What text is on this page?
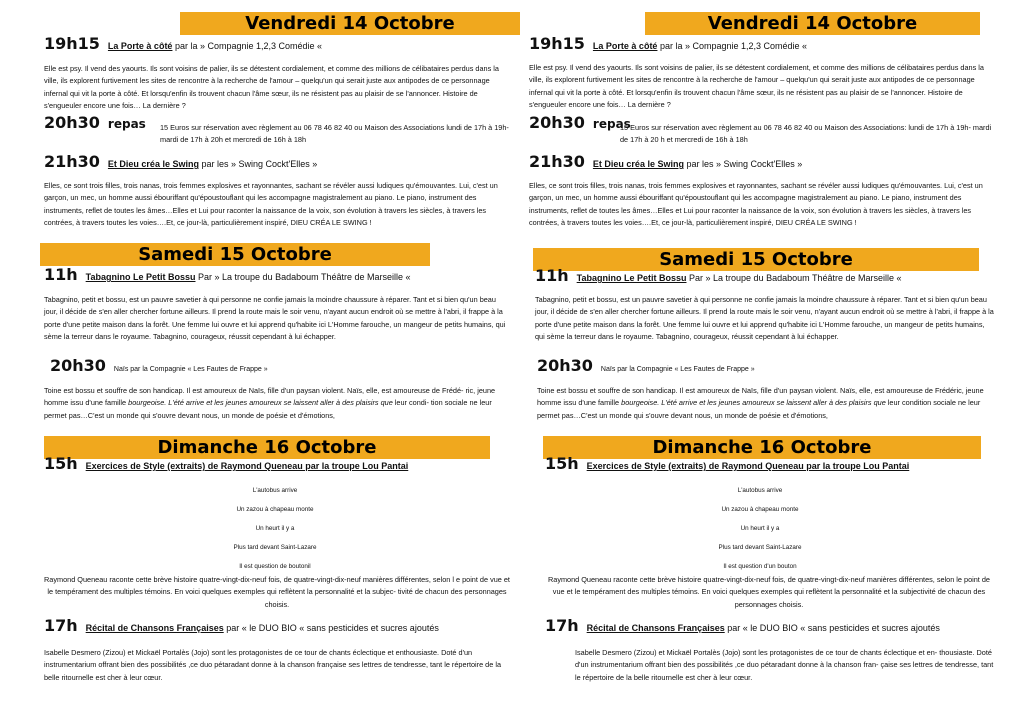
Vendredi 14 Octobre
19h15 La Porte à côté par la » Compagnie 1,2,3 Comédie «
Elle est psy. Il vend des yaourts. Ils sont voisins de palier, ils se détestent cordialement, et comme des millions de célibataires perdus dans la ville, ils explorent furtivement les sites de rencontre à la recherche de l'amour – quelqu'un qui serait juste aux antipodes de ce personnage infernal qui vit la porte à côté. Et lorsqu'enfin ils trouvent chacun l'âme sœur, ils ne résistent pas au plaisir de se l'annoncer. Histoire de s'engueuler encore une fois… La dernière ?
20h30 repas	15 Euros sur réservation avec règlement au 06 78 46 82 40 ou Maison des Associations lundi de 17h à 19h- mardi de 17h à 20h et mercredi de 16h à 18h
21h30 Et Dieu créa le Swing par les » Swing Cockt'Elles »
Elles, ce sont trois filles, trois nanas, trois femmes explosives et rayonnantes, sachant se révéler aussi ludiques qu'émouvantes. Lui, c'est un garçon, un mec, un homme aussi ébouriffant qu'époustouflant qui les accompagne magistralement au piano. Le piano, instrument des instruments, reflet de toutes les âmes…Elles et Lui pour raconter la naissance de la voix, son évolution à travers les siècles, à travers les contrées, à travers toutes les voies….Et, ce jour-là, particulièrement inspiré, DIEU CRÉA LE SWING !
Samedi 15 Octobre
11h Tabagnino Le Petit Bossu Par » La troupe du Badaboum Théâtre de Marseille «
Tabagnino, petit et bossu, est un pauvre savetier à qui personne ne confie jamais la moindre chaussure à réparer. Tant et si bien qu'un beau jour, il décide de s'en aller chercher fortune ailleurs. Il prend la route mais le soir venu, n'ayant aucun endroit où se mettre à l'abri, il frappe à la porte d'une petite maison dans la forêt. Une femme lui ouvre et lui apprend qu'habite ici L'Homme farouche, un mangeur de petits humains, qui sème la terreur dans le royaume. Tabagnino, courageux, réussit cependant à lui échapper.
20h30 Naïs par la Compagnie « Les Fautes de Frappe »
Toine est bossu et souffre de son handicap. Il est amoureux de Naïs, fille d'un paysan violent. Naïs, elle, est amoureuse de Frédé- ric, jeune homme issu d'une famille bourgeoise. L'été arrive et les jeunes amoureux se laissent aller à des plaisirs que leur condi- tion sociale ne leur permet pas…C'est un monde qui s'ouvre devant nous, un monde de poésie et d'émotions,
Dimanche 16 Octobre
15h Exercices de Style (extraits) de Raymond Queneau par la troupe Lou Pantai
L'autobus arrive
Un zazou à chapeau monte
Un heurt il y a
Plus tard devant Saint-Lazare
Il est question de boutonil
Raymond Queneau raconte cette brève histoire quatre-vingt-dix-neuf fois, de quatre-vingt-dix-neuf manières différentes, selon l e point de vue et le tempérament des multiples témoins. En voici quelques exemples qui reflètent la personnalité et la subjec- tivité de chacun des personnages choisis.
17h Récital de Chansons Françaises par « le DUO BIO « sans pesticides et sucres ajoutés
Isabelle Desmero (Zizou) et Mickaël Portalès (Jojo) sont les protagonistes de ce tour de chants éclectique et enthousiaste. Doté d'un instrumentarium offrant bien des possibilités ,ce duo pétaradant donne à la chanson française ses lettres de tendresse, tant le répertoire de la belle ritournelle est cher à leur cœur.
Vendredi 14 Octobre
19h15 La Porte à côté par la » Compagnie 1,2,3 Comédie «
Elle est psy. Il vend des yaourts. Ils sont voisins de palier, ils se détestent cordialement, et comme des millions de célibataires perdus dans la ville, ils explorent furtivement les sites de rencontre à la recherche de l'amour – quelqu'un qui serait juste aux antipodes de ce personnage infernal qui vit la porte à côté. Et lorsqu'enfin ils trouvent chacun l'âme sœur, ils ne résistent pas au plaisir de se l'annoncer. Histoire de s'engueuler encore une fois… La dernière ?
20h30 repas
15 Euros sur réservation avec règlement au 06 78 46 82 40 ou Maison des Associations: lundi de 17h à 19h- mardi de 17h à 20 h et mercredi de 16h à 18h
21h30 Et Dieu créa le Swing par les » Swing Cockt'Elles »
Elles, ce sont trois filles, trois nanas, trois femmes explosives et rayonnantes, sachant se révéler aussi ludiques qu'émouvantes. Lui, c'est un garçon, un mec, un homme aussi ébouriffant qu'époustouflant qui les accompagne magistralement au piano. Le piano, instrument des instruments, reflet de toutes les âmes…Elles et Lui pour raconter la naissance de la voix, son évolution à travers les siècles, à travers les contrées, à travers toutes les voies….Et, ce jour-là, particulièrement inspiré, DIEU CRÉA LE SWING !
Samedi 15 Octobre
11h Tabagnino Le Petit Bossu Par » La troupe du Badaboum Théâtre de Marseille «
Tabagnino, petit et bossu, est un pauvre savetier à qui personne ne confie jamais la moindre chaussure à réparer. Tant et si bien qu'un beau jour, il décide de s'en aller chercher fortune ailleurs. Il prend la route mais le soir venu, n'ayant aucun endroit où se mettre à l'abri, il frappe à la porte d'une petite maison dans la forêt. Une femme lui ouvre et lui apprend qu'habite ici L'Homme farouche, un mangeur de petits humains, qui sème la terreur dans le royaume. Tabagnino, courageux, réussit cependant à lui échapper.
20h30 Naïs par la Compagnie « Les Fautes de Frappe »
Toine est bossu et souffre de son handicap. Il est amoureux de Naïs, fille d'un paysan violent. Naïs, elle, est amoureuse de Frédéric, jeune homme issu d'une famille bourgeoise. L'été arrive et les jeunes amoureux se laissent aller à des plaisirs que leur condition sociale ne leur permet pas…C'est un monde qui s'ouvre devant nous, un monde de poésie et d'émotions,
Dimanche 16 Octobre
15h Exercices de Style (extraits) de Raymond Queneau par la troupe Lou Pantai
L'autobus arrive
Un zazou à chapeau monte
Un heurt il y a
Plus tard devant Saint-Lazare
Il est question d'un bouton
Raymond Queneau raconte cette brève histoire quatre-vingt-dix-neuf fois, de quatre-vingt-dix-neuf manières différentes, selon le point de vue et le tempérament des multiples témoins. En voici quelques exemples qui reflètent la personnalité et la subjectivité de chacun des personnages choisis.
17h Récital de Chansons Françaises par « le DUO BIO « sans pesticides et sucres ajoutés
Isabelle Desmero (Zizou) et Mickaël Portalès (Jojo) sont les protagonistes de ce tour de chants éclectique et en- thousiaste. Doté d'un instrumentarium offrant bien des possibilités ,ce duo pétaradant donne à la chanson fran- çaise ses lettres de tendresse, tant le répertoire de la belle ritournelle est cher à leur cœur.
